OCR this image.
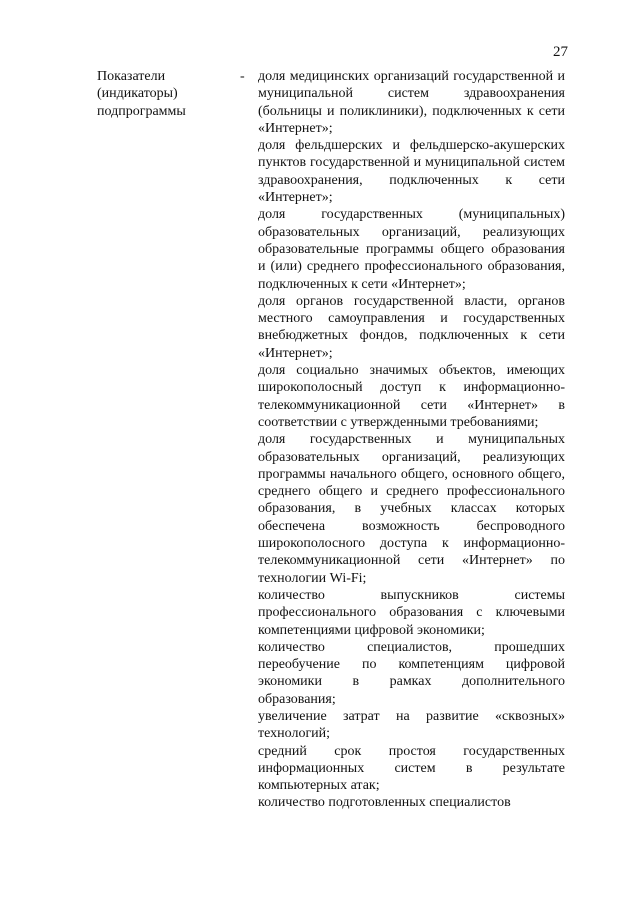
27
Показатели
(индикаторы)
подпрограммы
- доля медицинских организаций государственной и муниципальной систем здравоохранения (больницы и поликлиники), подключенных к сети «Интернет»;

доля фельдшерских и фельдшерско-акушерских пунктов государственной и муниципальной систем здравоохранения, подключенных к сети «Интернет»;

доля государственных (муниципальных) образовательных организаций, реализующих образовательные программы общего образования и (или) среднего профессионального образования, подключенных к сети «Интернет»;

доля органов государственной власти, органов местного самоуправления и государственных внебюджетных фондов, подключенных к сети «Интернет»;

доля социально значимых объектов, имеющих широкополосный доступ к информационно-телекоммуникационной сети «Интернет» в соответствии с утвержденными требованиями;

доля государственных и муниципальных образовательных организаций, реализующих программы начального общего, основного общего, среднего общего и среднего профессионального образования, в учебных классах которых обеспечена возможность беспроводного широкополосного доступа к информационно-телекоммуникационной сети «Интернет» по технологии Wi-Fi;

количество выпускников системы профессионального образования с ключевыми компетенциями цифровой экономики;

количество специалистов, прошедших переобучение по компетенциям цифровой экономики в рамках дополнительного образования;

увеличение затрат на развитие «сквозных» технологий;

средний срок простоя государственных информационных систем в результате компьютерных атак;

количество подготовленных специалистов
